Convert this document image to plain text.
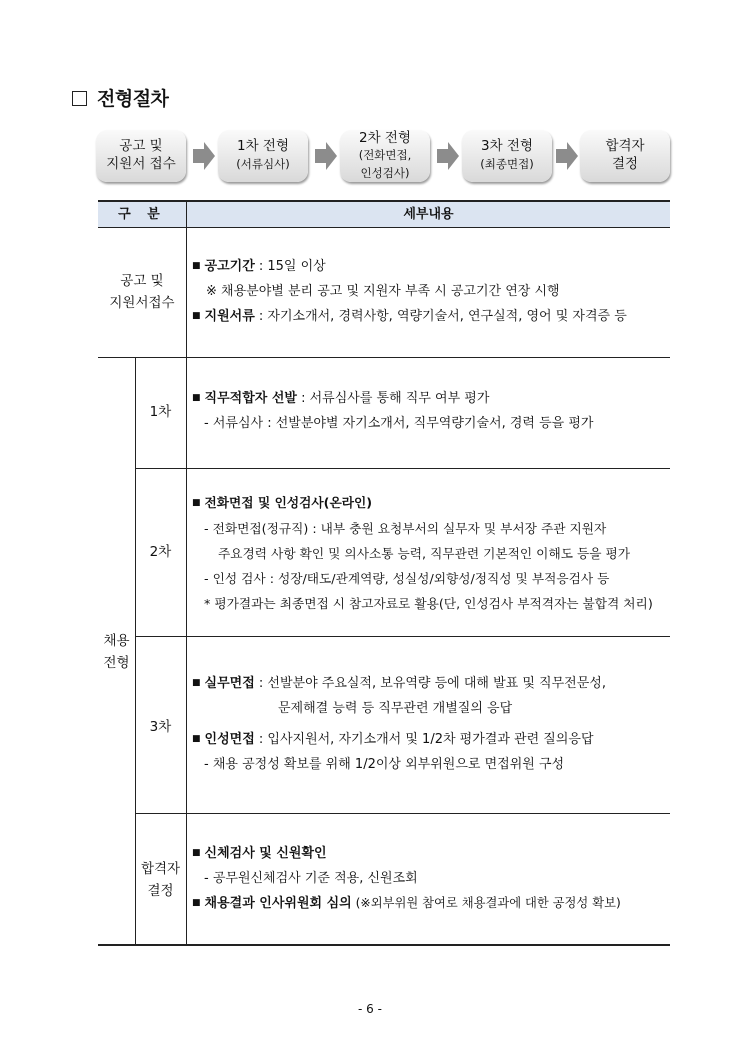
전형절차
공고 및
지원서 접수
1차 전형
(서류심사)
2차 전형
(전화면접,
인성검사)
3차 전형
(최종면접)
합격자
결정
구 분	세부내용
공고 및
지원서접수
■ 공고기간 : 15일 이상
※ 채용분야별 분리 공고 및 지원자 부족 시 공고기간 연장 시행
■ 지원서류 : 자기소개서, 경력사항, 역량기술서, 연구실적, 영어 및 자격증 등
채용
전형
1차
■ 직무적합자 선발 : 서류심사를 통해 직무 여부 평가
- 서류심사 : 선발분야별 자기소개서, 직무역량기술서, 경력 등을 평가
2차
■ 전화면접 및 인성검사(온라인)
- 전화면접(정규직) : 내부 충원 요청부서의 실무자 및 부서장 주관 지원자
주요경력 사항 확인 및 의사소통 능력, 직무관련 기본적인 이해도 등을 평가
- 인성 검사 : 성장/태도/관계역량, 성실성/외향성/정직성 및 부적응검사 등
* 평가결과는 최종면접 시 참고자료로 활용(단, 인성검사 부적격자는 불합격 처리)
3차
■ 실무면접 : 선발분야 주요실적, 보유역량 등에 대해 발표 및 직무전문성,
문제해결 능력 등 직무관련 개별질의 응답
■ 인성면접 : 입사지원서, 자기소개서 및 1/2차 평가결과 관련 질의응답
- 채용 공정성 확보를 위해 1/2이상 외부위원으로 면접위원 구성
합격자
결정
■ 신체검사 및 신원확인
- 공무원신체검사 기준 적용, 신원조회
■ 채용결과 인사위원회 심의 (※외부위원 참여로 채용결과에 대한 공정성 확보)
- 6 -
